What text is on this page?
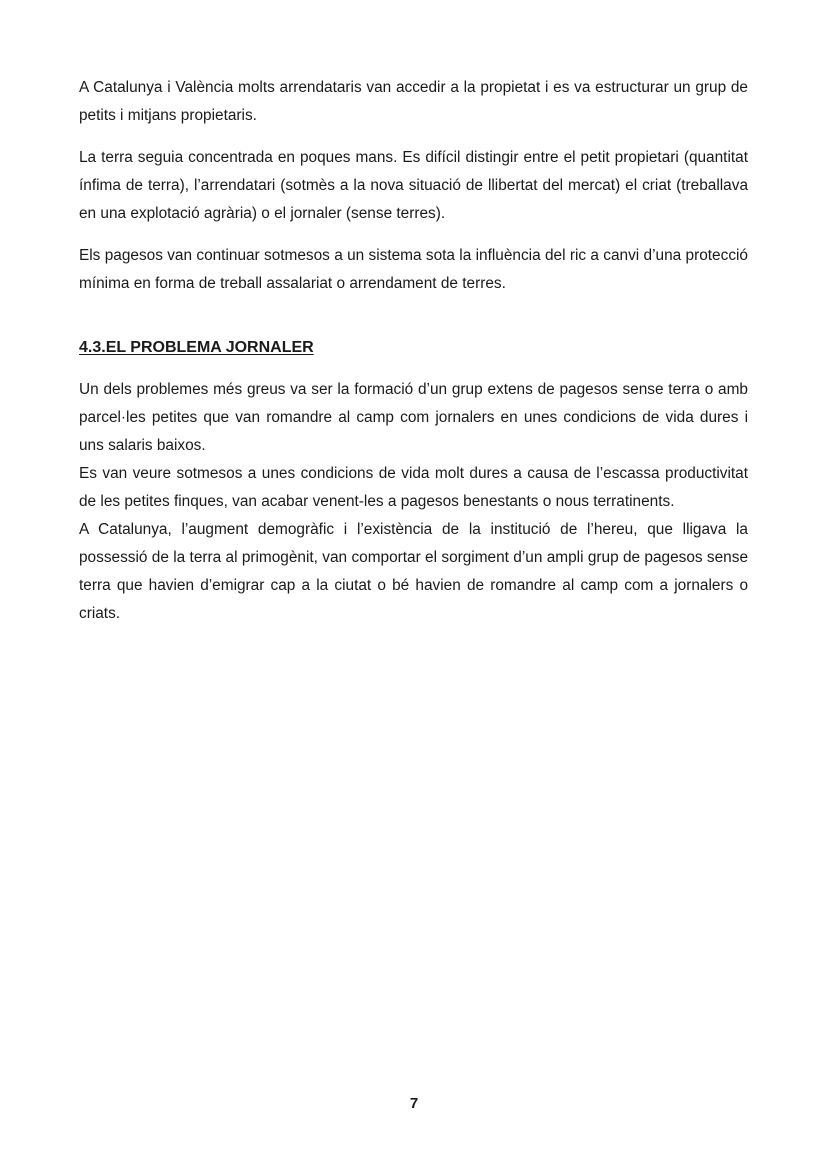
A Catalunya i València molts arrendataris van accedir a la propietat i es va estructurar un grup de petits i mitjans propietaris.

La terra seguia concentrada en poques mans. Es difícil distingir entre el petit propietari (quantitat ínfima de terra), l’arrendatari (sotmès a la nova situació de llibertat del mercat) el criat (treballava en una explotació agrària) o el jornaler (sense terres).

Els pagesos van continuar sotmesos a un sistema sota la influència del ric a canvi d’una protecció mínima en forma de treball assalariat o arrendament de terres.

4.3.EL PROBLEMA JORNALER

Un dels problemes més greus va ser la formació d’un grup extens de pagesos sense terra o amb parcel·les petites que van romandre al camp com jornalers en unes condicions de vida dures i uns salaris baixos.

Es van veure sotmesos a unes condicions de vida molt dures a causa de l’escassa productivitat de les petites finques, van acabar venent-les a pagesos benestants o nous terratinents.

A Catalunya, l’augment demogràfic i l’existència de la institució de l’hereu, que lligava la possessió de la terra al primogènit, van comportar el sorgiment d’un ampli grup de pagesos sense terra que havien d’emigrar cap a la ciutat o bé havien de romandre al camp com a jornalers o criats.

7
